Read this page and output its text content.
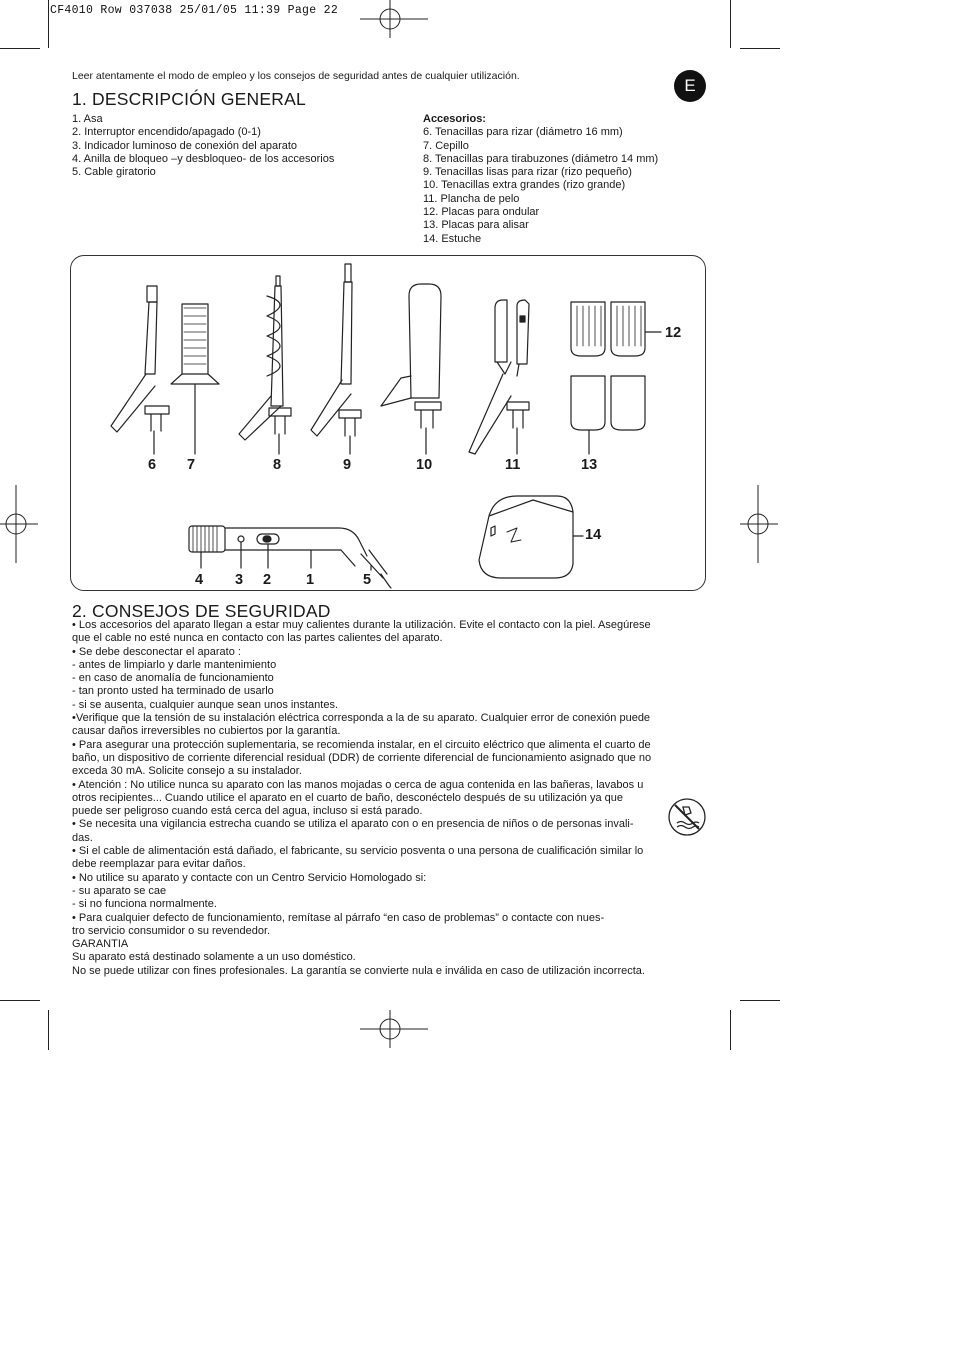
CF4010 Row 037038 25/01/05 11:39 Page 22
Leer atentamente el modo de empleo y los consejos de seguridad antes de cualquier utilización.	E
1. DESCRIPCIÓN GENERAL
1. Asa
2. Interruptor encendido/apagado (0-1)
3. Indicador luminoso de conexión del aparato
4. Anilla de bloqueo –y desbloqueo- de los accesorios
5. Cable giratorio
Accesorios:
6. Tenacillas para rizar (diámetro 16 mm)
7. Cepillo
8. Tenacillas para tirabuzones (diámetro 14 mm)
9. Tenacillas lisas para rizar (rizo pequeño)
10. Tenacillas extra grandes (rizo grande)
11. Plancha de pelo
12. Placas para ondular
13. Placas para alisar
14. Estuche
6 7	8	9	10	11	13
12
14
4 3 2 1	5
2. CONSEJOS DE SEGURIDAD
• Los accesorios del aparato llegan a estar muy calientes durante la utilización. Evite el contacto con la piel. Asegúrese
que el cable no esté nunca en contacto con las partes calientes del aparato.
• Se debe desconectar el aparato :
- antes de limpiarlo y darle mantenimiento
- en caso de anomalía de funcionamiento
- tan pronto usted ha terminado de usarlo
- si se ausenta, cualquier aunque sean unos instantes.
•Verifique que la tensión de su instalación eléctrica corresponda a la de su aparato. Cualquier error de conexión puede
causar daños irreversibles no cubiertos por la garantía.
• Para asegurar una protección suplementaria, se recomienda instalar, en el circuito eléctrico que alimenta el cuarto de
baño, un dispositivo de corriente diferencial residual (DDR) de corriente diferencial de funcionamiento asignado que no
exceda 30 mA. Solicite consejo a su instalador.
• Atención : No utilice nunca su aparato con las manos mojadas o cerca de agua contenida en las bañeras, lavabos u
otros recipientes... Cuando utilice el aparato en el cuarto de baño, desconéctelo después de su utilización ya que
puede ser peligroso cuando está cerca del agua, incluso si está parado.
• Se necesita una vigilancia estrecha cuando se utiliza el aparato con o en presencia de niños o de personas invali-
das.
• Si el cable de alimentación está dañado, el fabricante, su servicio posventa o una persona de cualificación similar lo
debe reemplazar para evitar daños.
• No utilice su aparato y contacte con un Centro Servicio Homologado si:
- su aparato se cae
- si no funciona normalmente.
• Para cualquier defecto de funcionamiento, remítase al párrafo “en caso de problemas” o contacte con nues-
tro servicio consumidor o su revendedor.
GARANTIA
Su aparato está destinado solamente a un uso doméstico.
No se puede utilizar con fines profesionales. La garantía se convierte nula e inválida en caso de utilización incorrecta.
